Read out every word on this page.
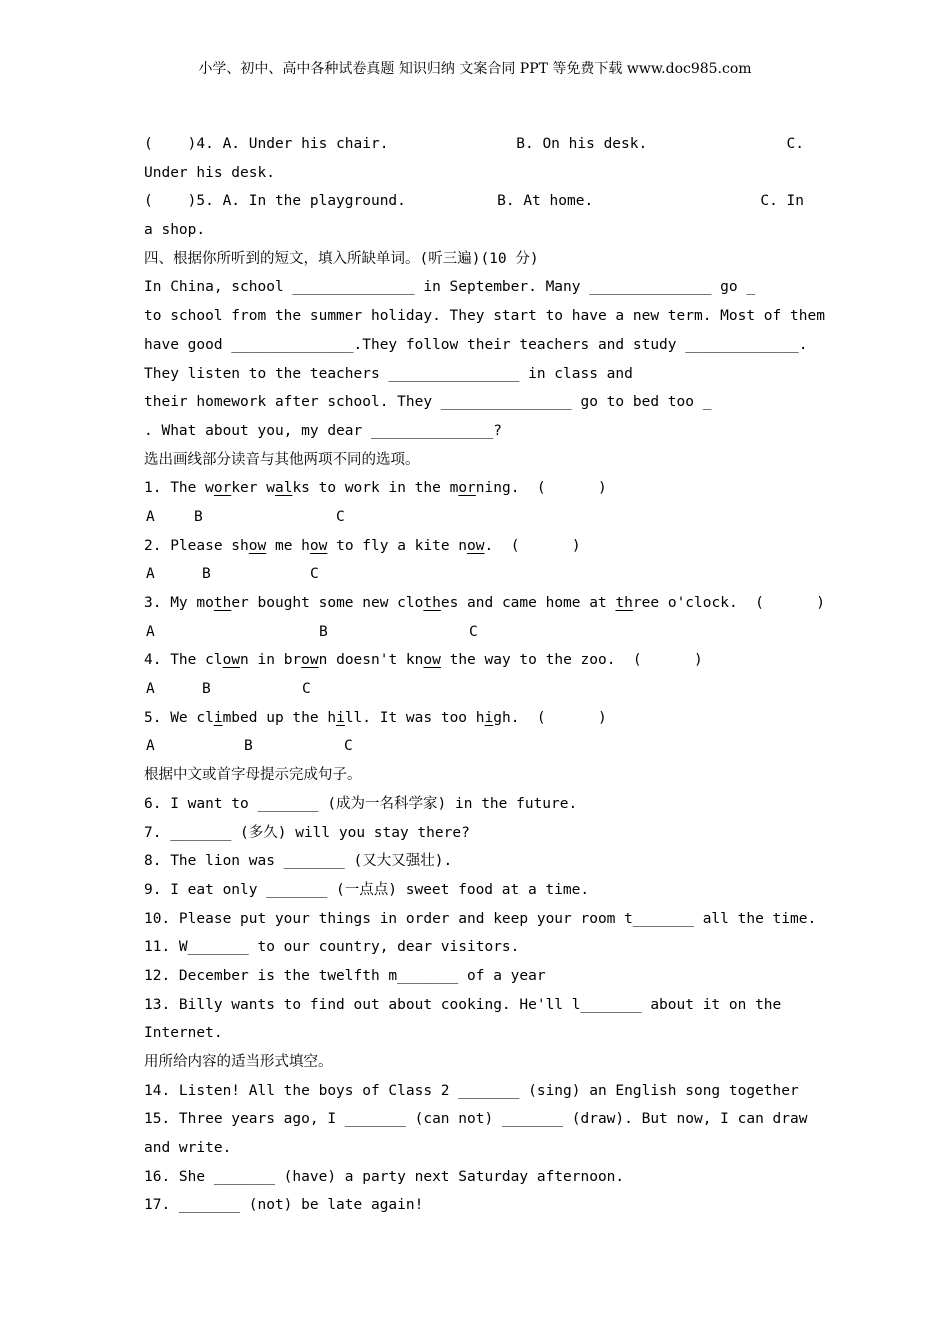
小学、初中、高中各种试卷真题 知识归纳 文案合同 PPT 等免费下载 www.doc985.com
(    )4. A. Under his chair.	B. On his desk.	C.
Under his desk.
(    )5. A. In the playground.	B. At home.	C. In
a shop.
四、根据你所听到的短文，填入所缺单词。(听三遍)(10 分)
In China, school ______________ in September. Many ______________ go _
to school from the summer holiday. They start to have a new term. Most of them
have good ______________.They follow their teachers and study _____________.
They listen to the teachers _______________ in class and
their homework after school. They _______________ go to bed too _
. What about you, my dear ______________?
选出画线部分读音与其他两项不同的选项。
1. The worker walks to work in the morning.  (      )
A	B	C
2. Please show me how to fly a kite now.  (      )
A	B	C
3. My mother bought some new clothes and came home at three o'clock.  (      )
A	B	C
4. The clown in brown doesn't know the way to the zoo.  (      )
A	B	C
5. We climbed up the hill. It was too high.  (      )
A	B	C
根据中文或首字母提示完成句子。
6. I want to _______ (成为一名科学家) in the future.
7. _______ (多久) will you stay there?
8. The lion was _______ (又大又强壮).
9. I eat only _______ (一点点) sweet food at a time.
10. Please put your things in order and keep your room t_______ all the time.
11. W_______ to our country, dear visitors.
12. December is the twelfth m_______ of a year
13. Billy wants to find out about cooking. He'll l_______ about it on the
Internet.
用所给内容的适当形式填空。
14. Listen! All the boys of Class 2 _______ (sing) an English song together
15. Three years ago, I _______ (can not) _______ (draw). But now, I can draw
and write.
16. She _______ (have) a party next Saturday afternoon.
17. _______ (not) be late again!
